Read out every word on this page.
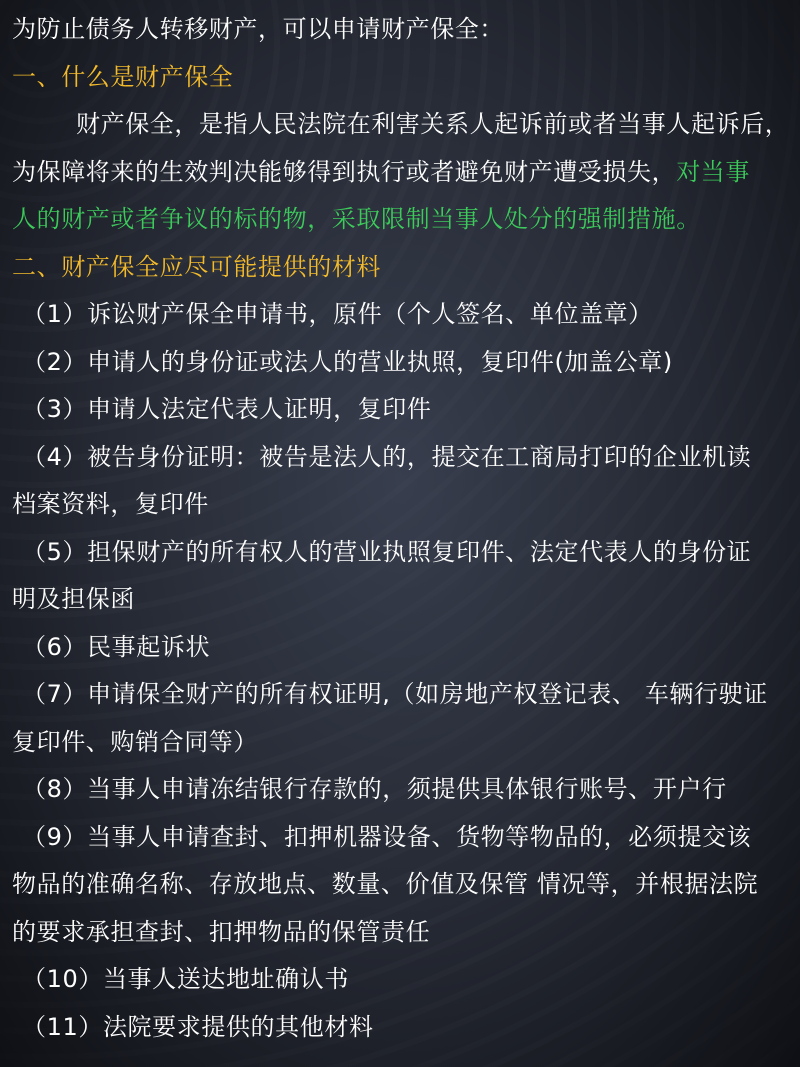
为防止债务人转移财产，可以申请财产保全：

一、什么是财产保全

财产保全，是指人民法院在利害关系人起诉前或者当事人起诉后，

为保障将来的生效判决能够得到执行或者避免财产遭受损失，对当事

人的财产或者争议的标的物，采取限制当事人处分的强制措施。

二、财产保全应尽可能提供的材料

（1）诉讼财产保全申请书，原件（个人签名、单位盖章）

（2）申请人的身份证或法人的营业执照，复印件(加盖公章)

（3）申请人法定代表人证明，复印件

（4）被告身份证明：被告是法人的，提交在工商局打印的企业机读

档案资料，复印件

（5）担保财产的所有权人的营业执照复印件、法定代表人的身份证

明及担保函

（6）民事起诉状

（7）申请保全财产的所有权证明,（如房地产权登记表、 车辆行驶证

复印件、购销合同等）

（8）当事人申请冻结银行存款的，须提供具体银行账号、开户行

（9）当事人申请查封、扣押机器设备、货物等物品的，必须提交该

物品的准确名称、存放地点、数量、价值及保管 情况等，并根据法院

的要求承担查封、扣押物品的保管责任

（10）当事人送达地址确认书

（11）法院要求提供的其他材料
